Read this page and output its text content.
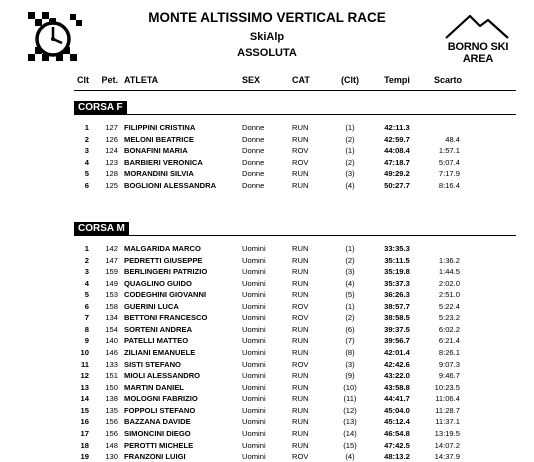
MONTE ALTISSIMO VERTICAL RACE
SkiAlp
ASSOLUTA	BORNO SKI AREA
Clt	Pet. ATLETA	SEX	CAT	(Clt)	Tempi	Scarto
CORSA F
1	127 FILIPPINI CRISTINA	Donne	RUN	(1)	42:11.3
2	126 MELONI BEATRICE	Donne	RUN	(2)	42:59.7	48.4
3	124 BONAFINI MARIA	Donne	ROV	(1)	44:08.4	1:57.1
4	123 BARBIERI VERONICA	Donne	ROV	(2)	47:18.7	5:07.4
5	128 MORANDINI SILVIA	Donne	RUN	(3)	49:29.2	7:17.9
6	125 BOGLIONI ALESSANDRA	Donne	RUN	(4)	50:27.7	8:16.4
CORSA M
1	142 MALGARIDA MARCO	Uomini	RUN	(1)	33:35.3
2	147 PEDRETTI GIUSEPPE	Uomini	RUN	(2)	35:11.5	1:36.2
3	159 BERLINGERI PATRIZIO	Uomini	RUN	(3)	35:19.8	1:44.5
4	149 QUAGLINO GUIDO	Uomini	RUN	(4)	35:37.3	2:02.0
5	153 CODEGHINI GIOVANNI	Uomini	RUN	(5)	36:26.3	2:51.0
6	158 GUERINI LUCA	Uomini	ROV	(1)	38:57.7	5:22.4
7	134 BETTONI FRANCESCO	Uomini	ROV	(2)	38:58.5	5:23.2
8	154 SORTENI ANDREA	Uomini	RUN	(6)	39:37.5	6:02.2
9	140 PATELLI MATTEO	Uomini	RUN	(7)	39:56.7	6:21.4
10	146 ZILIANI EMANUELE	Uomini	RUN	(8)	42:01.4	8:26.1
11	133 SISTI STEFANO	Uomini	ROV	(3)	42:42.6	9:07.3
12	151 MIOLI ALESSANDRO	Uomini	RUN	(9)	43:22.0	9:46.7
13	150 MARTIN DANIEL	Uomini	RUN	(10)	43:58.8	10:23.5
14	138 MOLOGNI FABRIZIO	Uomini	RUN	(11)	44:41.7	11:06.4
15	135 FOPPOLI STEFANO	Uomini	RUN	(12)	45:04.0	11:28.7
16	156 BAZZANA DAVIDE	Uomini	RUN	(13)	45:12.4	11:37.1
17	156 SIMONCINI DIEGO	Uomini	RUN	(14)	46:54.8	13:19.5
18	148 PEROTTI MICHELE	Uomini	RUN	(15)	47:42.5	14:07.2
19	130 FRANZONI LUIGI	Uomini	ROV	(4)	48:13.2	14:37.9
